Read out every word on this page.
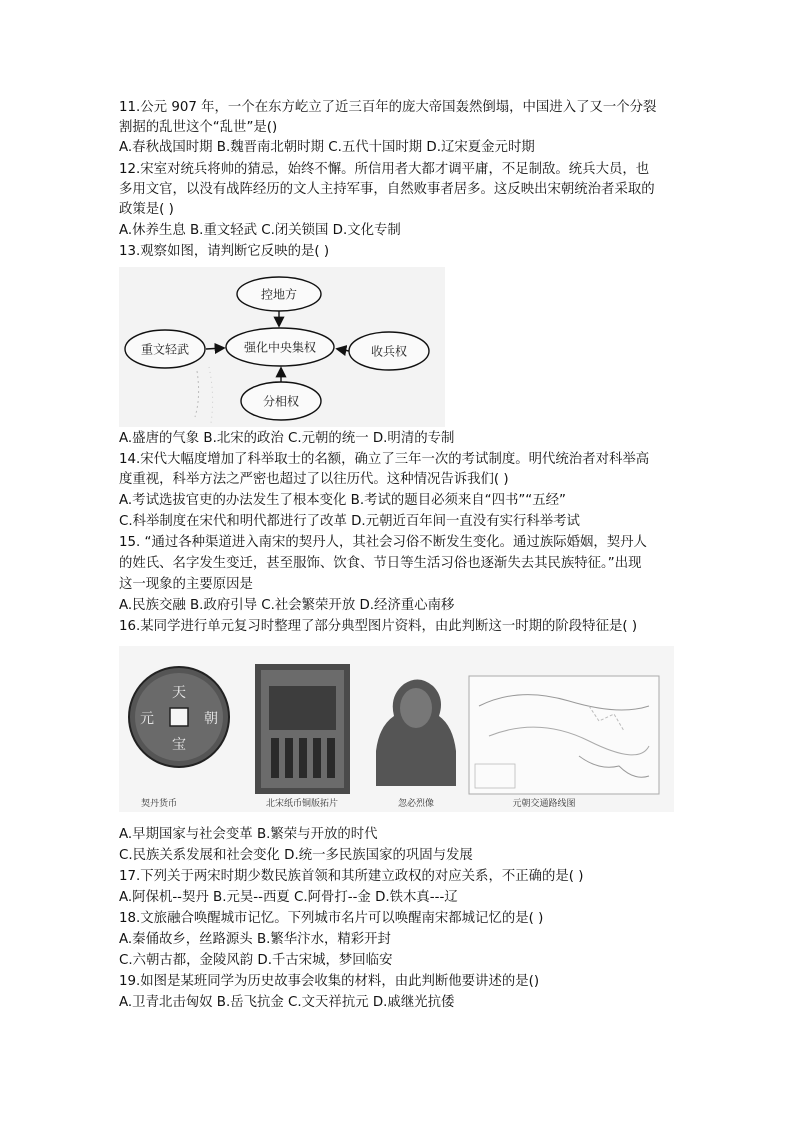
11.公元 907 年，一个在东方屹立了近三百年的庞大帝国轰然倒塌，中国进入了又一个分裂
割据的乱世这个“乱世”是()
A.春秋战国时期 B.魏晋南北朝时期 C.五代十国时期 D.辽宋夏金元时期
12.宋室对统兵将帅的猜忌，始终不懈。所信用者大都才调平庸，不足制敌。统兵大员，也
多用文官，以没有战阵经历的文人主持军事，自然败事者居多。这反映出宋朝统治者采取的
政策是( )
A.休养生息 B.重文轻武 C.闭关锁国 D.文化专制
13.观察如图，请判断它反映的是( )
控地方
强化中央集权
重文轻武	收兵权
分相权
A.盛唐的气象 B.北宋的政治 C.元朝的统一 D.明清的专制
14.宋代大幅度增加了科举取士的名额，确立了三年一次的考试制度。明代统治者对科举高
度重视，科举方法之严密也超过了以往历代。这种情况告诉我们( )
A.考试选拔官吏的办法发生了根本变化 B.考试的题目必须来自“四书”“五经”
C.科举制度在宋代和明代都进行了改革 D.元朝近百年间一直没有实行科举考试
15. “通过各种渠道进入南宋的契丹人，其社会习俗不断发生变化。通过族际婚姻，契丹人
的姓氏、名字发生变迁，甚至服饰、饮食、节日等生活习俗也逐渐失去其民族特征。”出现
这一现象的主要原因是
A.民族交融 B.政府引导 C.社会繁荣开放 D.经济重心南移
16.某同学进行单元复习时整理了部分典型图片资料，由此判断这一时期的阶段特征是( )
天
元
宝
朝
契丹货币	北宋纸币铜版拓片	忽必烈像	元朝交通路线图
A.早期国家与社会变革 B.繁荣与开放的时代
C.民族关系发展和社会变化 D.统一多民族国家的巩固与发展
17.下列关于两宋时期少数民族首领和其所建立政权的对应关系，不正确的是( )
A.阿保机--契丹 B.元昊--西夏 C.阿骨打--金 D.铁木真---辽
18.文旅融合唤醒城市记忆。下列城市名片可以唤醒南宋都城记忆的是( )
A.秦俑故乡，丝路源头 B.繁华汴水，精彩开封
C.六朝古都，金陵风韵 D.千古宋城，梦回临安
19.如图是某班同学为历史故事会收集的材料，由此判断他要讲述的是()
A.卫青北击匈奴 B.岳飞抗金 C.文天祥抗元 D.戚继光抗倭
